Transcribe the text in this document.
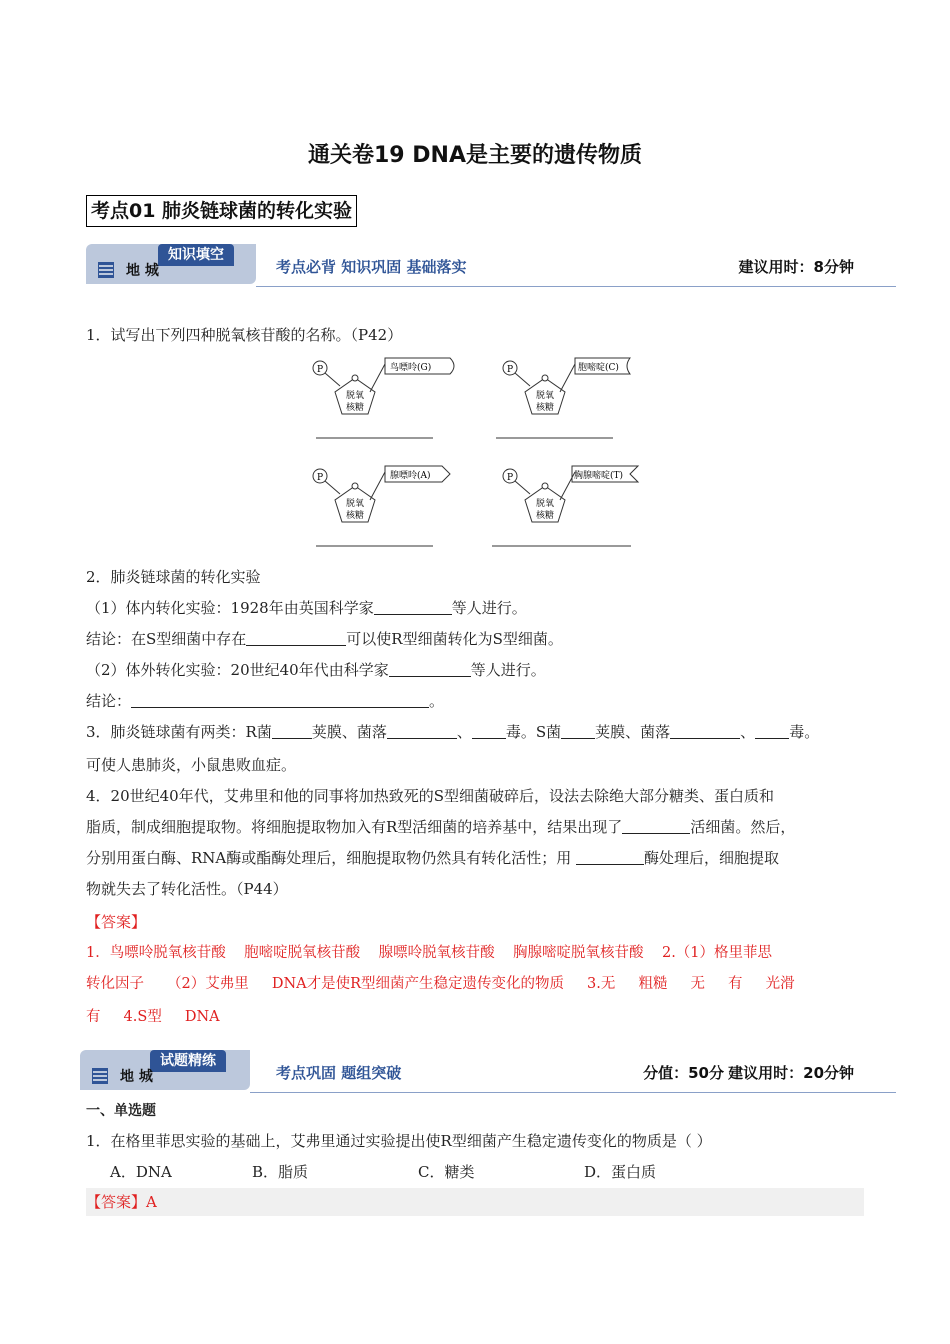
通关卷19 DNA是主要的遗传物质
考点01 肺炎链球菌的转化实验
知识填空
地 城	考点必背 知识巩固 基础落实	建议用时：8分钟
1．试写出下列四种脱氧核苷酸的名称。（P42）
P
脱氧
核糖
鸟嘌呤(G)	P
脱氧
核糖
胞嘧啶(C)
P
脱氧
核糖
腺嘌呤(A)	P
脱氧
核糖
胸腺嘧啶(T)
2．肺炎链球菌的转化实验
（1）体内转化实验：1928年由英国科学家	等人进行。
结论：在S型细菌中存在	可以使R型细菌转化为S型细菌。
（2）体外转化实验：20世纪40年代由科学家	等人进行。
结论：	。
3．肺炎链球菌有两类：R菌	荚膜、菌落	、 毒。S菌 荚膜、菌落	、 毒。
可使人患肺炎，小鼠患败血症。
4．20世纪40年代，艾弗里和他的同事将加热致死的S型细菌破碎后，设法去除绝大部分糖类、蛋白质和
脂质，制成细胞提取物。将细胞提取物加入有R型活细菌的培养基中，结果出现了	活细菌。然后，
分别用蛋白酶、RNA酶或酯酶处理后，细胞提取物仍然具有转化活性；用	酶处理后，细胞提取
物就失去了转化活性。（P44）
【答案】
1．鸟嘌呤脱氧核苷酸    胞嘧啶脱氧核苷酸    腺嘌呤脱氧核苷酸    胸腺嘧啶脱氧核苷酸    2.（1）格里菲思
转化因子     （2）艾弗里     DNA才是使R型细菌产生稳定遗传变化的物质     3.无     粗糙     无     有     光滑
有     4.S型     DNA
试题精练
地 城	考点巩固 题组突破	分值：50分 建议用时：20分钟
一、单选题
1．在格里菲思实验的基础上，艾弗里通过实验提出使R型细菌产生稳定遗传变化的物质是（ ）
A．DNA	B．脂质	C．糖类	D．蛋白质
【答案】A
